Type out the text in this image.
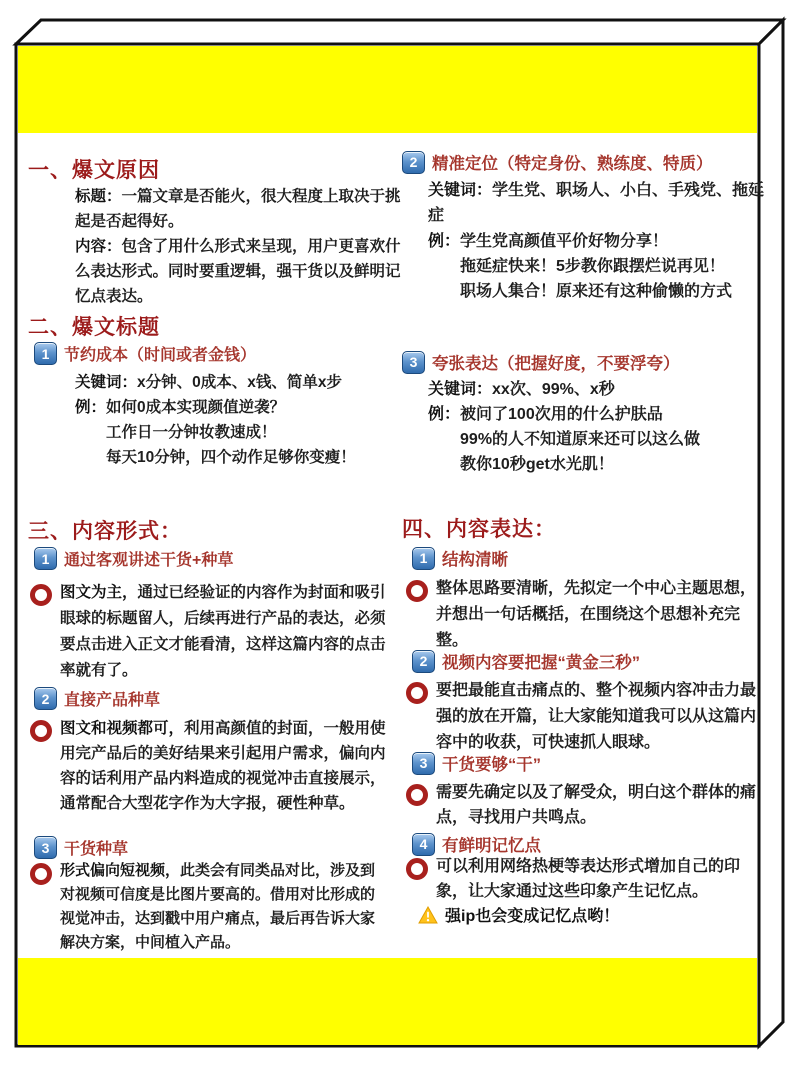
一、爆文原因

标题：一篇文章是否能火，很大程度上取决于挑起是否起得好。

内容：包含了用什么形式来呈现，用户更喜欢什么表达形式。同时要重逻辑，强干货以及鲜明记忆点表达。

二、爆文标题
1 节约成本（时间或者金钱）

关键词：x分钟、0成本、x钱、简单x步

例： 如何0成本实现颜值逆袭？
工作日一分钟妆教速成！
每天10分钟，四个动作足够你变瘦！
三、内容形式：
1 通过客观讲述干货+种草

图文为主，通过已经验证的内容作为封面和吸引眼球的标题留人，后续再进行产品的表达，必须要点击进入正文才能看清，这样这篇内容的点击率就有了。

2 直接产品种草

图文和视频都可，利用高颜值的封面，一般用使用完产品后的美好结果来引起用户需求，偏向内容的话利用产品内料造成的视觉冲击直接展示，通常配合大型花字作为大字报，硬性种草。

3 干货种草

形式偏向短视频，此类会有同类品对比，涉及到对视频可信度是比图片要高的。借用对比形成的视觉冲击，达到戳中用户痛点，最后再告诉大家解决方案，中间植入产品。

2 精准定位（特定身份、熟练度、特质）

关键词：学生党、职场人、小白、手残党、拖延症

例： 学生党高颜值平价好物分享！
拖延症快来！5步教你跟摆烂说再见！
职场人集合！原来还有这种偷懒的方式
3 夸张表达（把握好度，不要浮夸）

关键词：xx次、99%、x秒

例： 被问了100次用的什么护肤品
99%的人不知道原来还可以这么做
教你10秒get水光肌！
四、内容表达：
1 结构清晰

整体思路要清晰，先拟定一个中心主题思想，并想出一句话概括，在围绕这个思想补充完整。

2 视频内容要把握“黄金三秒”

要把最能直击痛点的、整个视频内容冲击力最强的放在开篇，让大家能知道我可以从这篇内容中的收获，可快速抓人眼球。

3 干货要够“干”

需要先确定以及了解受众，明白这个群体的痛点，寻找用户共鸣点。

4 有鲜明记忆点

可以利用网络热梗等表达形式增加自己的印象，让大家通过这些印象产生记忆点。

强ip也会变成记忆点哟！
